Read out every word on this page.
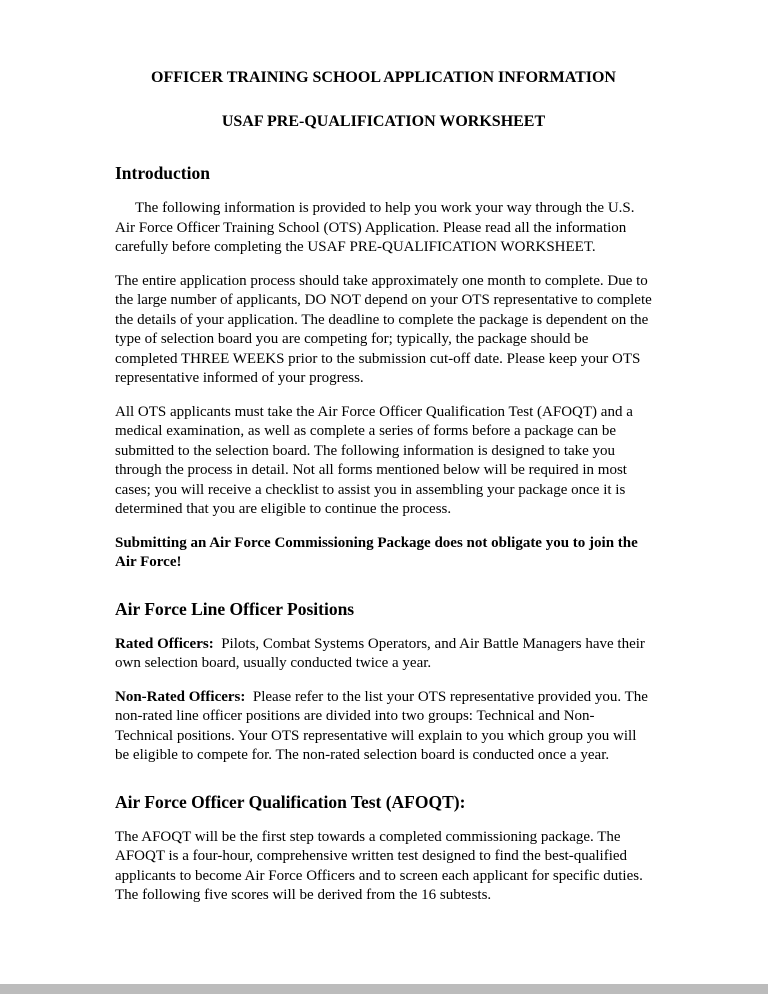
OFFICER TRAINING SCHOOL APPLICATION INFORMATION
USAF PRE-QUALIFICATION WORKSHEET
Introduction

The following information is provided to help you work your way through the U.S. Air Force Officer Training School (OTS) Application. Please read all the information carefully before completing the USAF PRE-QUALIFICATION WORKSHEET.

The entire application process should take approximately one month to complete. Due to the large number of applicants, DO NOT depend on your OTS representative to complete the details of your application. The deadline to complete the package is dependent on the type of selection board you are competing for; typically, the package should be completed THREE WEEKS prior to the submission cut-off date. Please keep your OTS representative informed of your progress.

All OTS applicants must take the Air Force Officer Qualification Test (AFOQT) and a medical examination, as well as complete a series of forms before a package can be submitted to the selection board. The following information is designed to take you through the process in detail. Not all forms mentioned below will be required in most cases; you will receive a checklist to assist you in assembling your package once it is determined that you are eligible to continue the process.

Submitting an Air Force Commissioning Package does not obligate you to join the Air Force!

Air Force Line Officer Positions

Rated Officers: Pilots, Combat Systems Operators, and Air Battle Managers have their own selection board, usually conducted twice a year.

Non-Rated Officers: Please refer to the list your OTS representative provided you. The non-rated line officer positions are divided into two groups: Technical and Non-Technical positions. Your OTS representative will explain to you which group you will be eligible to compete for. The non-rated selection board is conducted once a year.

Air Force Officer Qualification Test (AFOQT):

The AFOQT will be the first step towards a completed commissioning package. The AFOQT is a four-hour, comprehensive written test designed to find the best-qualified applicants to become Air Force Officers and to screen each applicant for specific duties. The following five scores will be derived from the 16 subtests.
